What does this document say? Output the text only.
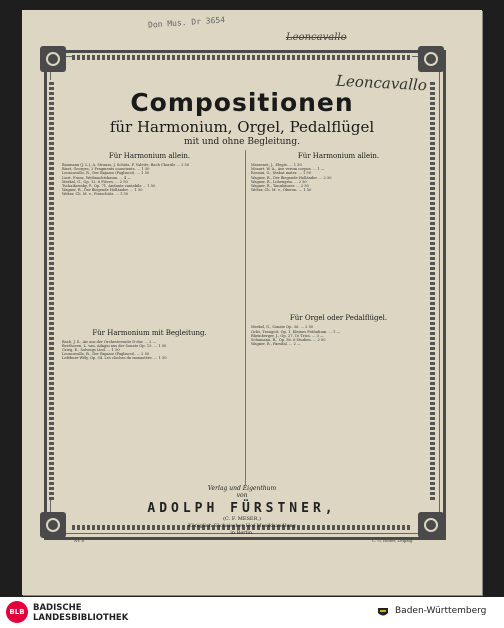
Don Mus. Dr 3654
Leoncavallo
Leoncavallo
Compositionen
für Harmonium, Orgel, Pedalflügel
mit und ohne Begleitung.
Für Harmonium allein.
Baumann (J. L.), A. Strauss, J. Schütz, F. Valette, Bach Choräle ... 2 50
Bizet, Georges, 2 Fragments conscients. ... 1 50
Leoncavallo, R., Der Bajazzo (Pagliacci). ... 1 50
Liszt, Franz, Weihnachtsbaum. ... 4 —
Merkel, G., Op. 12. 6 Pièces. ... 2 50
Tschaikowsky, P., Op. 71. Andante cantabile ... 1 50
Wagner, R., Der fliegende Holländer. ... 1 50
Weber, Ch. M. v., Freischütz. ... 1 50
Für Harmonium mit Begleitung.
Bach, J. S., Air aus der Orchestersuite D-dur. ... 2 —
Beethoven, L. van, Adagio aus der Sonate Op. 13. ... 1 50
Grieg, E., Solveigs Lied. ... 1 50
Leoncavallo, R., Der Bajazzo (Pagliacci). ... 2 50
Lefébure-Wély, Op. 54. Les cloches du monastère. ... 1 50
Für Harmonium allein.
Massenet, J., Elegie. ... 1 50
Mozart, W. A., Ave verum corpus. ... 1 —
Rossini, G., Stabat mater. ... 1 50
Wagner, R., Der fliegende Holländer. ... 2 50
Wagner, R., Lohengrin. ... 2 50
Wagner, R., Tannhäuser. ... 2 50
Weber, Ch. M. v., Oberon. ... 1 50
Für Orgel oder Pedalflügel.
Merkel, G., Sonate Op. 30. ... 2 50
Ochs, Traugott, Op. 1. Kleines Präludium. ... 1 —
Rheinberger, J., Op. 27. 10 Trios. ... 3 —
Schumann, R., Op. 56. 6 Studien. ... 2 50
Wagner, R., Parsifal. ... 2 —
Verlag und Eigenthum
von
ADOLPH FÜRSTNER,
(C. F. MESER,)
Königlich Sächsischer Hof-Musikhandlung
in Berlin.
Nr. 6	C. G. Röder, Leipzig.
BLB BADISCHE
LANDESBIBLIOTHEK
Baden-Württemberg
